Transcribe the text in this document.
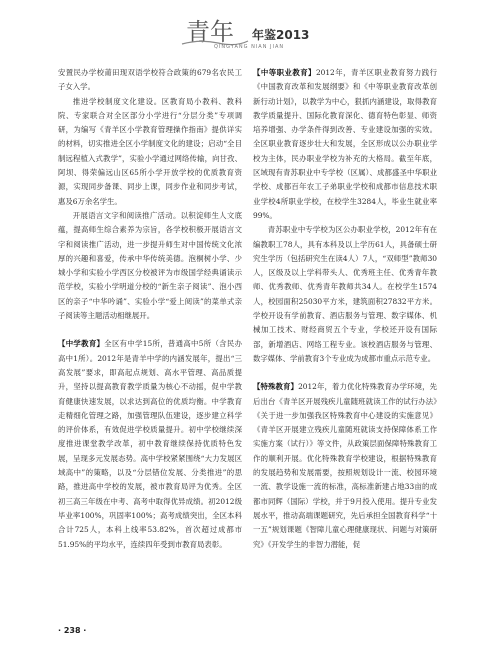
青年 年鉴2013
QINGYANG NIAN JIAN

安置民办学校莆田现双语学校符合政策的679名农民工子女入学。

推进学校制度文化建设。区教育局小教科、教科院、专家联合对全区部分小学进行“分层分类”专项调研，为编写《青羊区小学教育管理操作指南》提供详实的材料，切实推进全区小学制度文化的建设；启动“全目制远程植入式教学”，实验小学通过网络传输，向甘孜、阿坝、得荣偏远山区65所小学开放学校的优质教育资源，实现同步备课、同步上课，同步作业和同步考试，惠及6万余名学生。

开展语言文字和阅读推广活动。以积淀师生人文底蕴，提高师生综合素养为宗旨，各学校积极开展语言文字和阅读推广活动，进一步提升师生对中国传统文化浓厚的兴趣和喜爱，传承中华传统美德。泡桐树小学、少城小学和实验小学西区分校被评为市级国学经典诵读示范学校，实验小学明道分校的“新生亲子阅读”、泡小西区的亲子“中华吟诵”、实验小学“爱上阅读”的菜单式亲子阅读等主题活动相继展开。

【中学教育】全区有中学15所，普通高中5所（含民办高中1所）。2012年是青羊中学的内涵发展年，提出“三高发展”要求，即高起点规划、高水平管理、高品质提升，坚持以提高教育教学质量为核心不动摇，促中学教育健康快速发展，以求达到高位的优质均衡。中学教育走精细化管理之路，加强管理队伍建设，逐步建立科学的评价体系，有效促进学校质量提升。初中学校继续深度推进课堂教学改革，初中教育继续保持优质特色发展，呈现多元发展态势。高中学校紧紧围绕“大力发展区域高中”的策略，以及“分层错位发展、分类推进”的思路，推进高中学校的发展，被市教育局评为优秀。全区初三高三年级在中考、高考中取得优异成绩。初2012级毕业率100%，巩固率100%；高考成绩突出，全区本科合计725人，本科上线率53.82%，首次超过成都市51.95%的平均水平，连续四年受到市教育局表彰。

【中等职业教育】2012年，青羊区职业教育努力践行《中国教育改革和发展纲要》和《中等职业教育改革创新行动计划》，以教学为中心，狠抓内涵建设，取得教育教学质量提升、国际化教育深化、德育特色彰显、师资培养增强、办学条件得到改善、专业建设加强的实效。全区职业教育逐步壮大和发展，全区形成以公办职业学校为主体，民办职业学校为补充的大格局。截至年底，区域现有青苏职业中专学校（区属）、成都盛圣中华职业学校、成都百年农工子弟职业学校和成都市信息技术职业学校4所职业学校，在校学生3284人，毕业生就业率99%。

青苏职业中专学校为区公办职业学校，2012年有在编教职工78人，具有本科及以上学历61人，具备硕士研究生学历（包括研究生在读4人）7人，“双师型”教师30人，区级及以上学科带头人、优秀班主任、优秀青年教师、优秀教师、优秀青年教师共34人。在校学生1574人，校园面积25030平方米，建筑面积27832平方米。学校开设有学前教育、酒店服务与管理、数字媒体、机械加工技术、财经商贸五个专业，学校还开设有国际部，新增酒店、网络工程专业。该校酒店服务与管理、数字媒体、学前教育3个专业成为成都市重点示范专业。

【特殊教育】2012年，着力优化特殊教育办学环境，先后出台《青羊区开展残疾儿童随班就读工作的试行办法》《关于进一步加强我区特殊教育中心建设的实施意见》《青羊区开展建立残疾儿童随班就读支持保障体系工作实施方案（试行）》等文件，从政策层面保障特殊教育工作的顺利开展。优化特殊教育学校建设，根据特殊教育的发展趋势和发展需要，按照规划设计一流、校园环境一流、教学设施一流的标准，高标准新建占地33亩的成都市同辉（国际）学校，并于9月投入使用。提升专业发展水平，推动高端课题研究，先后承担全国教育科学“十一五”规划课题《智障儿童心理健康现状、问题与对策研究》《开发学生的非智力潜能，促

· 238 ·
